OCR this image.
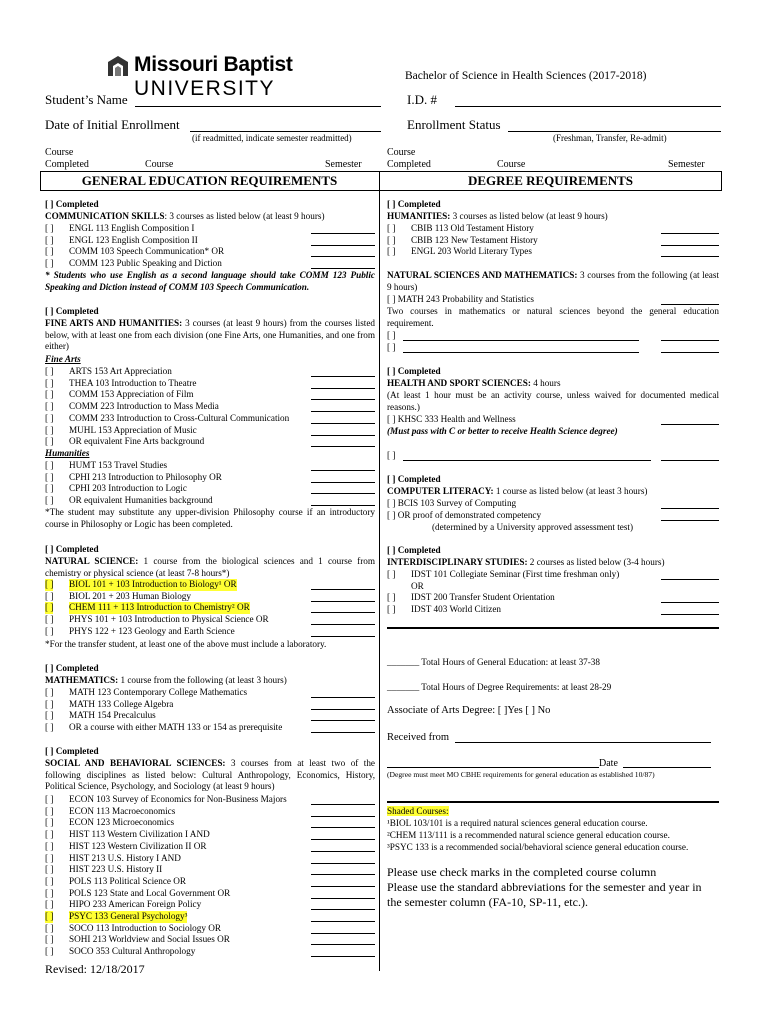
Missouri Baptist UNIVERSITY
Bachelor of Science in Health Sciences (2017-2018)
Student’s Name	I.D. #
Date of Initial Enrollment	Enrollment Status
(if readmitted, indicate semester readmitted)	(Freshman, Transfer, Re-admit)
Course
Completed	Course	Semester
Course
Completed	Course	Semester
GENERAL EDUCATION REQUIREMENTS	DEGREE REQUIREMENTS
[ ] Completed
COMMUNICATION SKILLS: 3 courses as listed below (at least 9 hours)
* Students who use English as a second language should take COMM 123 Public Speaking and Diction instead of COMM 103 Speech Communication.
[ ] Completed
FINE ARTS AND HUMANITIES: 3 courses (at least 9 hours) from the courses listed below, with at least one from each division (one Fine Arts, one Humanities, and one from either)
Fine Arts
Humanities
*The student may substitute any upper-division Philosophy course if an introductory course in Philosophy or Logic has been completed.
[ ] Completed
NATURAL SCIENCE: 1 course from the biological sciences and 1 course from chemistry or physical science (at least 7-8 hours*)
*For the transfer student, at least one of the above must include a laboratory.
[ ] Completed
MATHEMATICS: 1 course from the following (at least 3 hours)
[ ] Completed
SOCIAL AND BEHAVIORAL SCIENCES: 3 courses from at least two of the following disciplines as listed below: Cultural Anthropology, Economics, History, Political Science, Psychology, and Sociology (at least 9 hours)
[ ] ENGL 113 English Composition I
[ ] ENGL 123 English Composition II
[ ] COMM 103 Speech Communication* OR
[ ] COMM 123 Public Speaking and Diction
[ ] ARTS 153 Art Appreciation
[ ] THEA 103 Introduction to Theatre
[ ] COMM 153 Appreciation of Film
[ ] COMM 223 Introduction to Mass Media
[ ] COMM 233 Introduction to Cross-Cultural Communication
[ ] MUHL 153 Appreciation of Music
[ ] OR equivalent Fine Arts background
[ ] HUMT 153 Travel Studies
[ ] CPHI 213 Introduction to Philosophy OR
[ ] CPHI 203 Introduction to Logic
[ ] OR equivalent Humanities background
[ ] BIOL 101 + 103 Introduction to Biology¹ OR
[ ] BIOL 201 + 203 Human Biology
[ ] CHEM 111 + 113 Introduction to Chemistry² OR
[ ] PHYS 101 + 103 Introduction to Physical Science OR
[ ] PHYS 122 + 123 Geology and Earth Science
[ ] MATH 123 Contemporary College Mathematics
[ ] MATH 133 College Algebra
[ ] MATH 154 Precalculus
[ ] OR a course with either MATH 133 or 154 as prerequisite
[ ] ECON 103 Survey of Economics for Non-Business Majors
[ ] ECON 113 Macroeconomics
[ ] ECON 123 Microeconomics
[ ] HIST 113 Western Civilization I AND
[ ] HIST 123 Western Civilization II OR
[ ] HIST 213 U.S. History I AND
[ ] HIST 223 U.S. History II
[ ] POLS 113 Political Science OR
[ ] POLS 123 State and Local Government OR
[ ] HIPO 233 American Foreign Policy
[ ] PSYC 133 General Psychology³
[ ] SOCO 113 Introduction to Sociology OR
[ ] SOHI 213 Worldview and Social Issues OR
[ ] SOCO 353 Cultural Anthropology
[ ] Completed
HUMANITIES: 3 courses as listed below (at least 9 hours)
NATURAL SCIENCES AND MATHEMATICS: 3 courses from the following (at least 9 hours)
[ ] MATH 243 Probability and Statistics
Two courses in mathematics or natural sciences beyond the general education requirement.
[ ]
[ ]
[ ] Completed
HEALTH AND SPORT SCIENCES: 4 hours
(At least 1 hour must be an activity course, unless waived for documented medical reasons.)
[ ] KHSC 333 Health and Wellness
(Must pass with C or better to receive Health Science degree)
[ ]
[ ] Completed
COMPUTER LITERACY: 1 course as listed below (at least 3 hours)
[ ] BCIS 103 Survey of Computing
[ ] OR proof of demonstrated competency
(determined by a University approved assessment test)
[ ] Completed
INTERDISCIPLINARY STUDIES: 2 courses as listed below (3-4 hours)
_______ Total Hours of General Education: at least 37-38
_______ Total Hours of Degree Requirements: at least 28-29
Associate of Arts Degree: [ ]Yes [ ] No
Received from
Date
(Degree must meet MO CBHE requirements for general education as established 10/87)
Shaded Courses:
¹BIOL 103/101 is a required natural sciences general education course.
²CHEM 113/111 is a recommended natural science general education course.
³PSYC 133 is a recommended social/behavioral science general education course.
Please use check marks in the completed course column
Please use the standard abbreviations for the semester and year in the semester column (FA-10, SP-11, etc.).
[ ] CBIB 113 Old Testament History
[ ] CBIB 123 New Testament History
[ ] ENGL 203 World Literary Types
[ ] IDST 101 Collegiate Seminar (First time freshman only)
OR
[ ] IDST 200 Transfer Student Orientation
[ ] IDST 403 World Citizen
Revised: 12/18/2017
